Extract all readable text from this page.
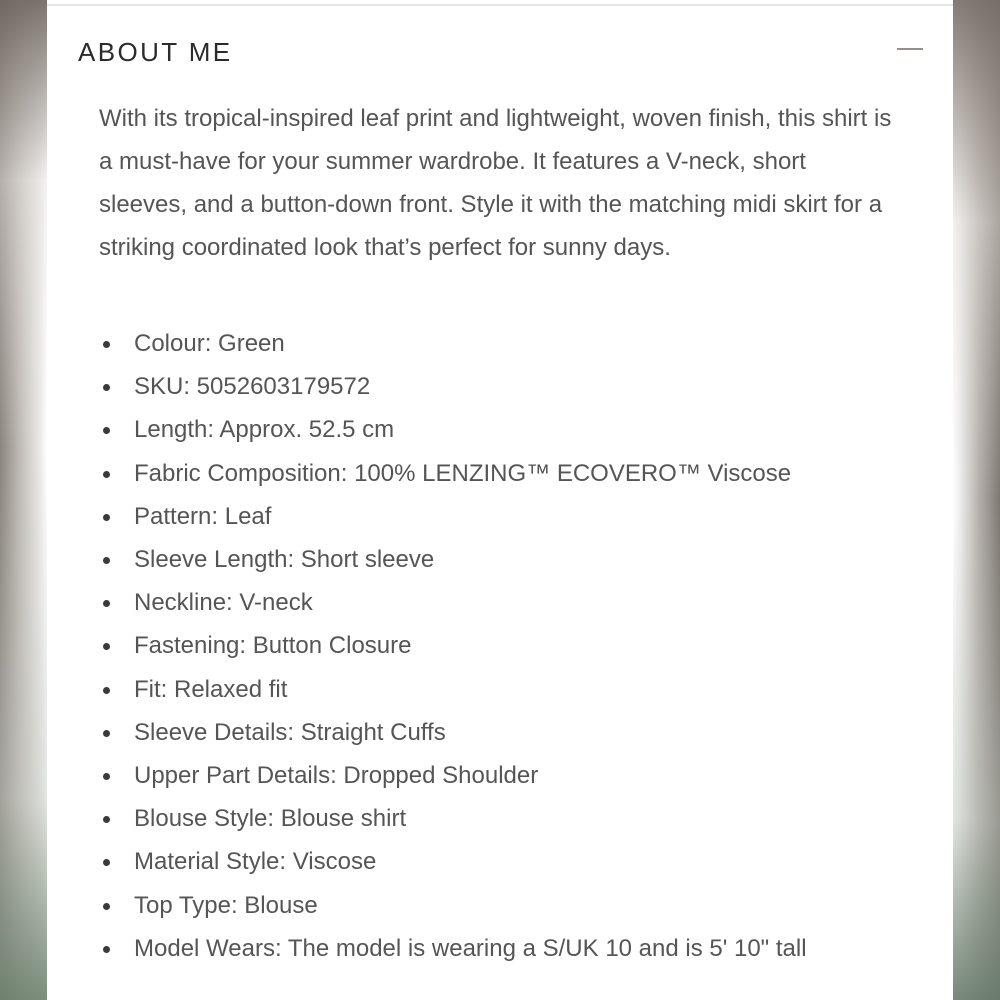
ABOUT ME

With its tropical-inspired leaf print and lightweight, woven finish, this shirt is a must-have for your summer wardrobe. It features a V-neck, short sleeves, and a button-down front. Style it with the matching midi skirt for a striking coordinated look that’s perfect for sunny days.

Colour: Green
SKU: 5052603179572
Length: Approx. 52.5 cm
Fabric Composition: 100% LENZING™ ECOVERO™ Viscose
Pattern: Leaf
Sleeve Length: Short sleeve
Neckline: V-neck
Fastening: Button Closure
Fit: Relaxed fit
Sleeve Details: Straight Cuffs
Upper Part Details: Dropped Shoulder
Blouse Style: Blouse shirt
Material Style: Viscose
Top Type: Blouse
Model Wears: The model is wearing a S/UK 10 and is 5' 10" tall
